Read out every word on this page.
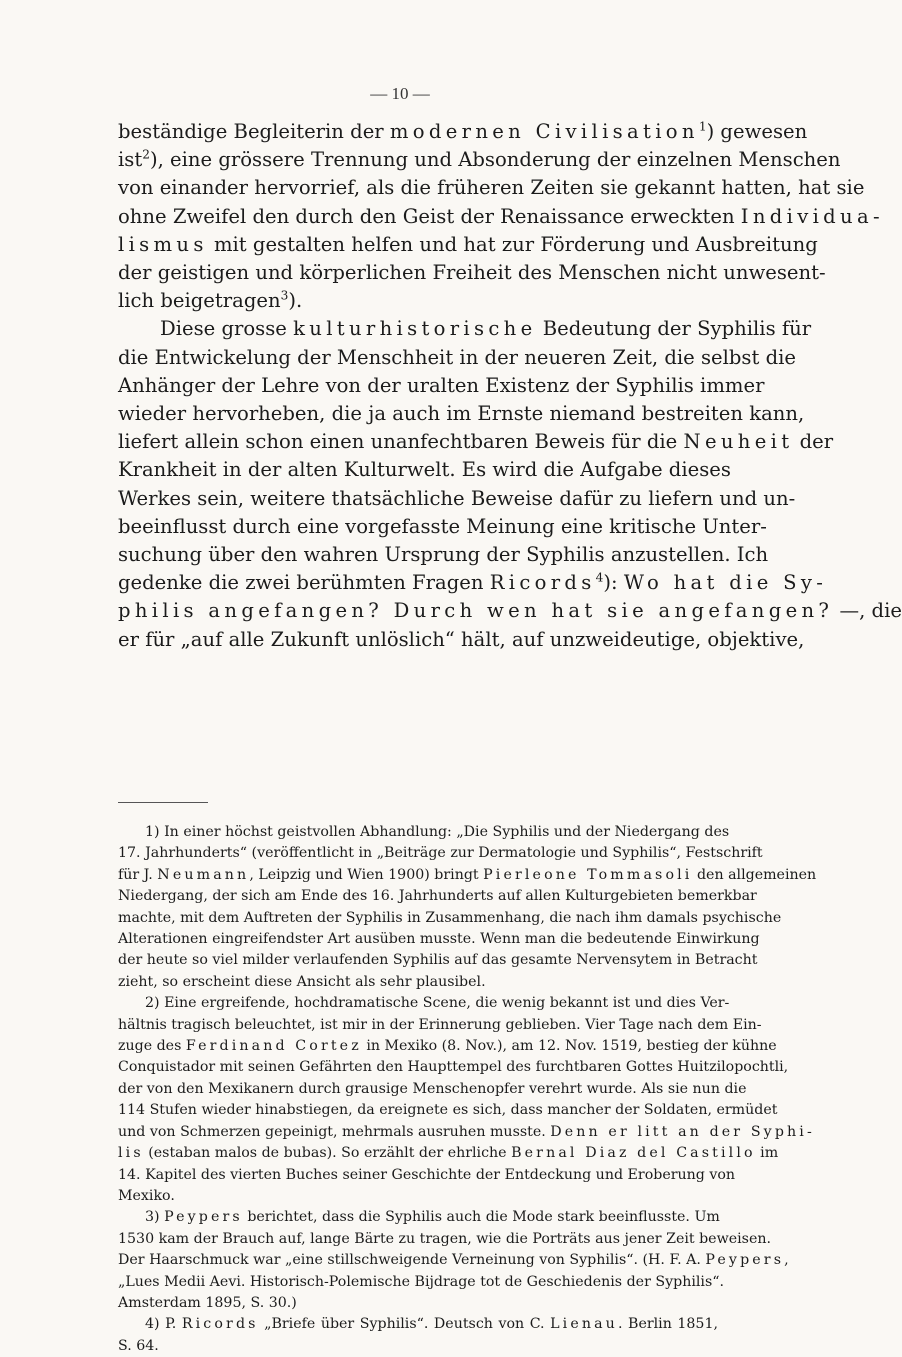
— 10 —
beständige Begleiterin der modernen Civilisation$^1$) gewesen
ist$^2$), eine grössere Trennung und Absonderung der einzelnen Menschen
von einander hervorrief, als die früheren Zeiten sie gekannt hatten, hat sie
ohne Zweifel den durch den Geist der Renaissance erweckten Individua-
lismus mit gestalten helfen und hat zur Förderung und Ausbreitung
der geistigen und körperlichen Freiheit des Menschen nicht unwesent-
lich beigetragen$^3$).
Diese grosse kulturhistorische Bedeutung der Syphilis für
die Entwickelung der Menschheit in der neueren Zeit, die selbst die
Anhänger der Lehre von der uralten Existenz der Syphilis immer
wieder hervorheben, die ja auch im Ernste niemand bestreiten kann,
liefert allein schon einen unanfechtbaren Beweis für die Neuheit der
Krankheit in der alten Kulturwelt. Es wird die Aufgabe dieses
Werkes sein, weitere thatsächliche Beweise dafür zu liefern und un-
beeinflusst durch eine vorgefasste Meinung eine kritische Unter-
suchung über den wahren Ursprung der Syphilis anzustellen. Ich
gedenke die zwei berühmten Fragen Ricords$^4$): Wo hat die Sy-
philis angefangen? Durch wen hat sie angefangen? —, die
er für „auf alle Zukunft unlöslich“ hält, auf unzweideutige, objektive,
1) In einer höchst geistvollen Abhandlung: „Die Syphilis und der Niedergang des
17. Jahrhunderts“ (veröffentlicht in „Beiträge zur Dermatologie und Syphilis“, Festschrift
für J. Neumann, Leipzig und Wien 1900) bringt Pierleone Tommasoli den allgemeinen
Niedergang, der sich am Ende des 16. Jahrhunderts auf allen Kulturgebieten bemerkbar
machte, mit dem Auftreten der Syphilis in Zusammenhang, die nach ihm damals psychische
Alterationen eingreifendster Art ausüben musste. Wenn man die bedeutende Einwirkung
der heute so viel milder verlaufenden Syphilis auf das gesamte Nervensytem in Betracht
zieht, so erscheint diese Ansicht als sehr plausibel.
2) Eine ergreifende, hochdramatische Scene, die wenig bekannt ist und dies Ver-
hältnis tragisch beleuchtet, ist mir in der Erinnerung geblieben. Vier Tage nach dem Ein-
zuge des Ferdinand Cortez in Mexiko (8. Nov.), am 12. Nov. 1519, bestieg der kühne
Conquistador mit seinen Gefährten den Haupttempel des furchtbaren Gottes Huitzilopochtli,
der von den Mexikanern durch grausige Menschenopfer verehrt wurde. Als sie nun die
114 Stufen wieder hinabstiegen, da ereignete es sich, dass mancher der Soldaten, ermüdet
und von Schmerzen gepeinigt, mehrmals ausruhen musste. Denn er litt an der Syphi-
lis (estaban malos de bubas). So erzählt der ehrliche Bernal Diaz del Castillo im
14. Kapitel des vierten Buches seiner Geschichte der Entdeckung und Eroberung von
Mexiko.
3) Peypers berichtet, dass die Syphilis auch die Mode stark beeinflusste. Um
1530 kam der Brauch auf, lange Bärte zu tragen, wie die Porträts aus jener Zeit beweisen.
Der Haarschmuck war „eine stillschweigende Verneinung von Syphilis“. (H. F. A. Peypers,
„Lues Medii Aevi. Historisch-Polemische Bijdrage tot de Geschiedenis der Syphilis“.
Amsterdam 1895, S. 30.)
4) P. Ricords „Briefe über Syphilis“. Deutsch von C. Lienau. Berlin 1851,
S. 64.
